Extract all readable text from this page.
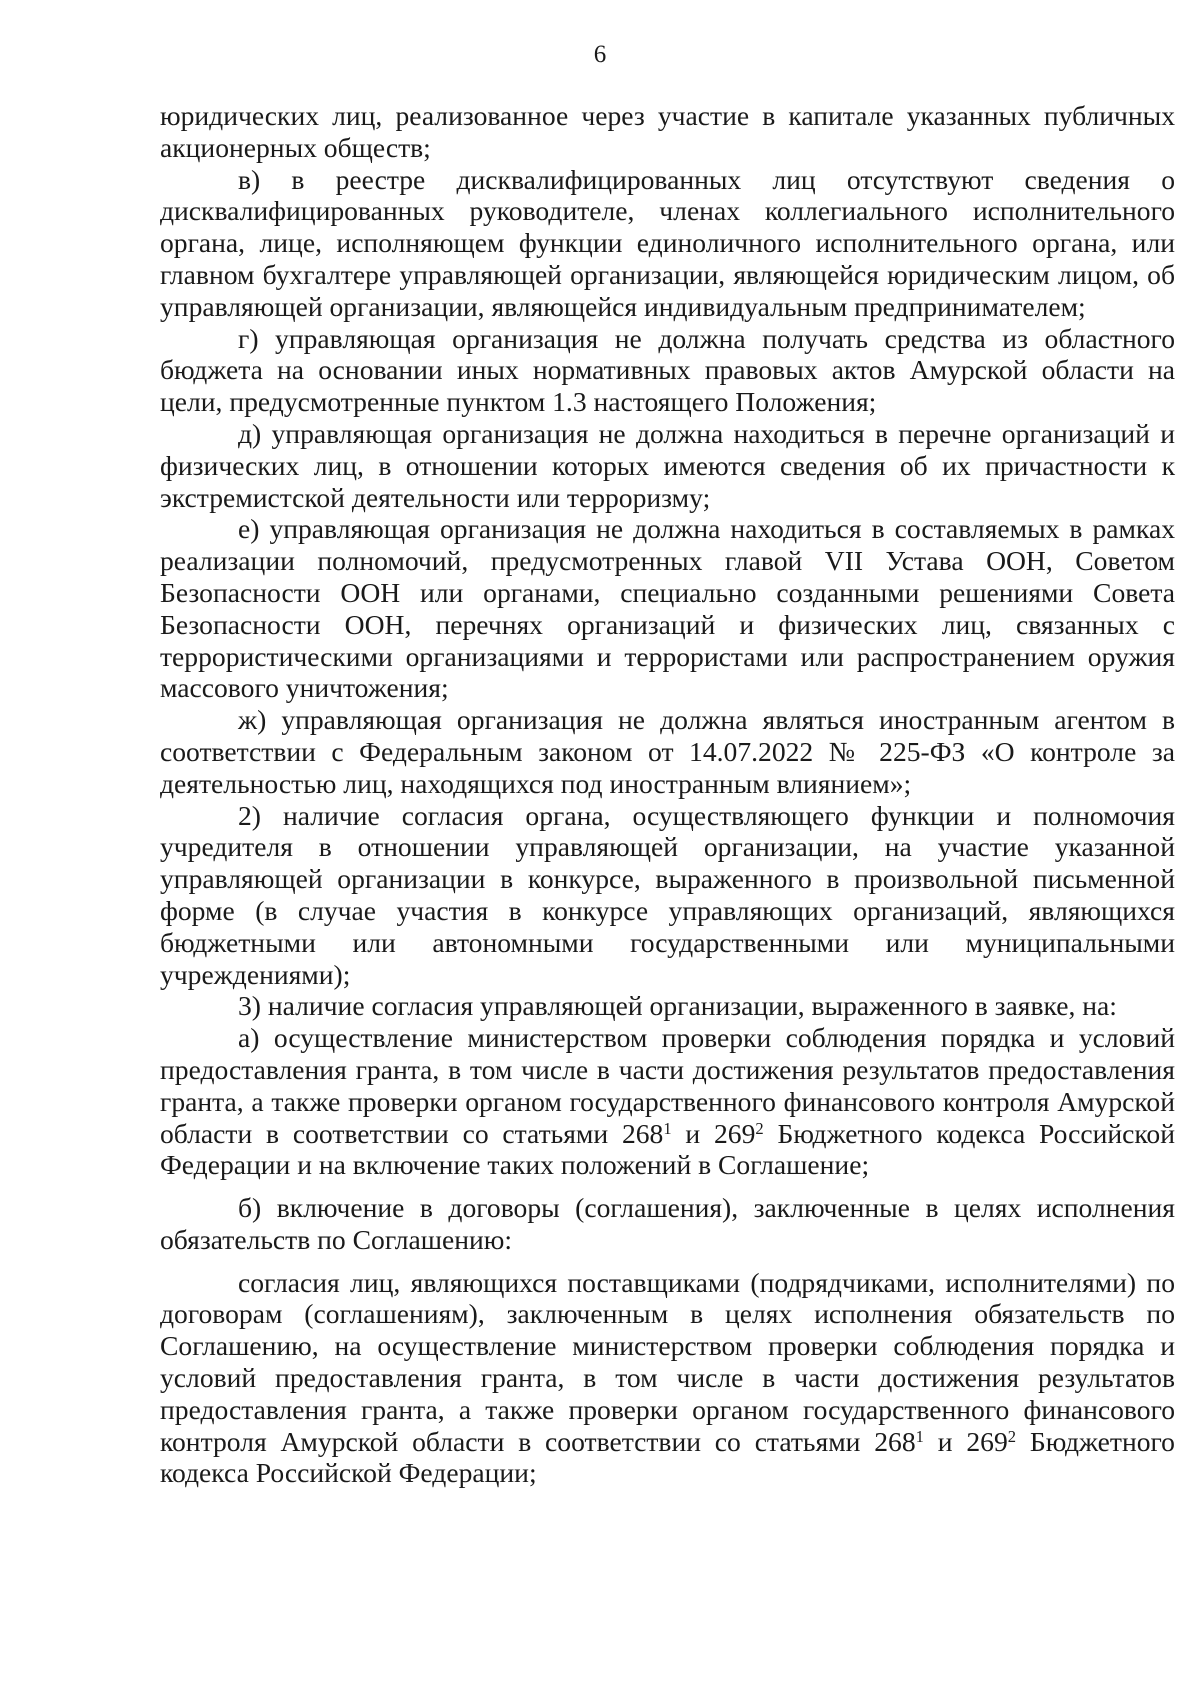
6

юридических лиц, реализованное через участие в капитале указанных публичных акционерных обществ;

в) в реестре дисквалифицированных лиц отсутствуют сведения о дисквалифицированных руководителе, членах коллегиального исполнительного органа, лице, исполняющем функции единоличного исполнительного органа, или главном бухгалтере управляющей организации, являющейся юридическим лицом, об управляющей организации, являющейся индивидуальным предпринимателем;

г) управляющая организация не должна получать средства из областного бюджета на основании иных нормативных правовых актов Амурской области на цели, предусмотренные пунктом 1.3 настоящего Положения;

д) управляющая организация не должна находиться в перечне организаций и физических лиц, в отношении которых имеются сведения об их причастности к экстремистской деятельности или терроризму;

е) управляющая организация не должна находиться в составляемых в рамках реализации полномочий, предусмотренных главой VII Устава ООН, Советом Безопасности ООН или органами, специально созданными решениями Совета Безопасности ООН, перечнях организаций и физических лиц, связанных с террористическими организациями и террористами или распространением оружия массового уничтожения;

ж) управляющая организация не должна являться иностранным агентом в соответствии с Федеральным законом от 14.07.2022 № 225-ФЗ «О контроле за деятельностью лиц, находящихся под иностранным влиянием»;

2) наличие согласия органа, осуществляющего функции и полномочия учредителя в отношении управляющей организации, на участие указанной управляющей организации в конкурсе, выраженного в произвольной письменной форме (в случае участия в конкурсе управляющих организаций, являющихся бюджетными или автономными государственными или муниципальными учреждениями);

3) наличие согласия управляющей организации, выраженного в заявке, на:

а) осуществление министерством проверки соблюдения порядка и условий предоставления гранта, в том числе в части достижения результатов предоставления гранта, а также проверки органом государственного финансового контроля Амурской области в соответствии со статьями $268^1$ и $269^2$ Бюджетного кодекса Российской Федерации и на включение таких положений в Соглашение;

б) включение в договоры (соглашения), заключенные в целях исполнения обязательств по Соглашению:

согласия лиц, являющихся поставщиками (подрядчиками, исполнителями) по договорам (соглашениям), заключенным в целях исполнения обязательств по Соглашению, на осуществление министерством проверки соблюдения порядка и условий предоставления гранта, в том числе в части достижения результатов предоставления гранта, а также проверки органом государственного финансового контроля Амурской области в соответствии со статьями $268^1$ и $269^2$ Бюджетного кодекса Российской Федерации;
